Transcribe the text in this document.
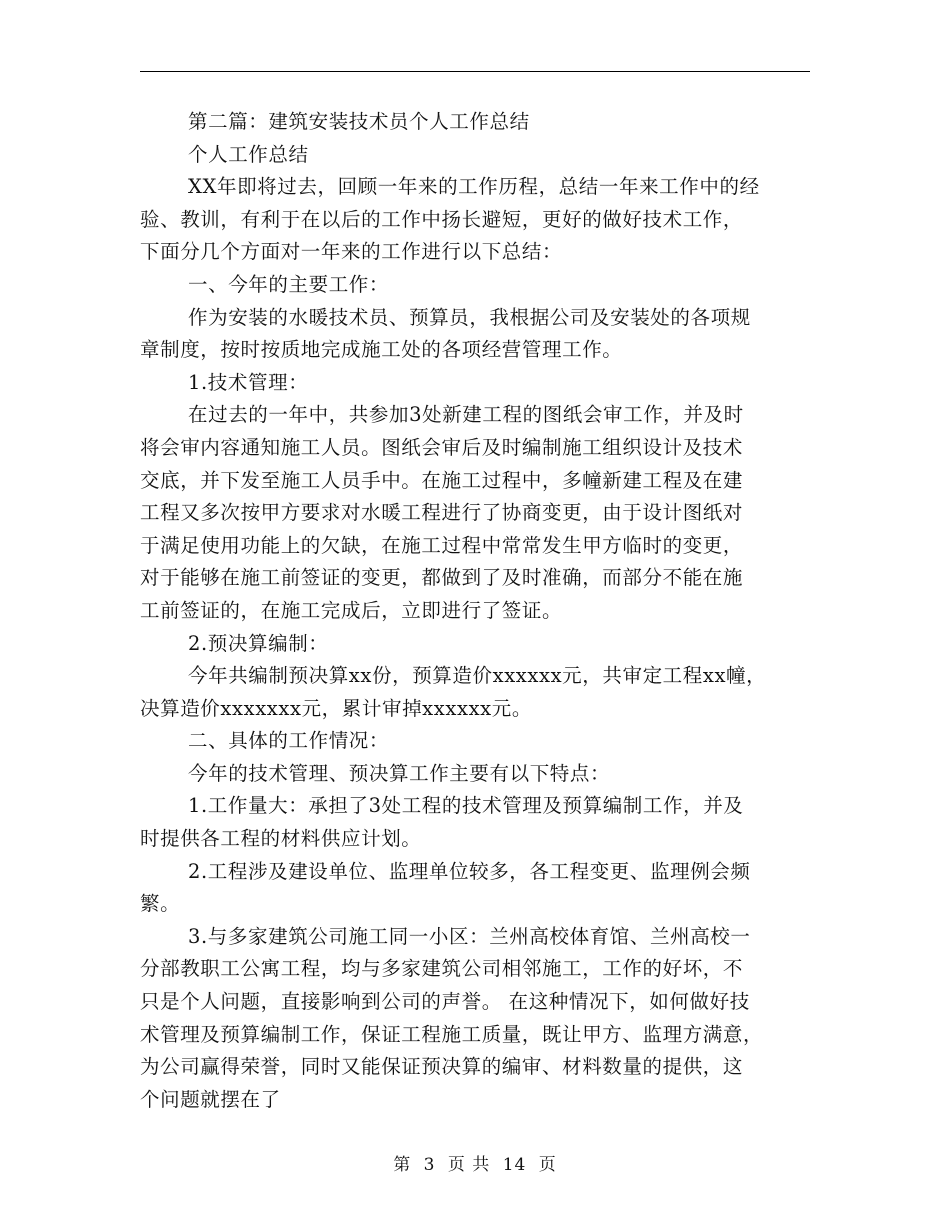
第二篇：建筑安装技术员个人工作总结
个人工作总结
XX年即将过去，回顾一年来的工作历程，总结一年来工作中的经
验、教训，有利于在以后的工作中扬长避短，更好的做好技术工作，
下面分几个方面对一年来的工作进行以下总结：
一、今年的主要工作：
作为安装的水暖技术员、预算员，我根据公司及安装处的各项规
章制度，按时按质地完成施工处的各项经营管理工作。
1.技术管理：
在过去的一年中，共参加3处新建工程的图纸会审工作，并及时
将会审内容通知施工人员。图纸会审后及时编制施工组织设计及技术
交底，并下发至施工人员手中。在施工过程中，多幢新建工程及在建
工程又多次按甲方要求对水暖工程进行了协商变更，由于设计图纸对
于满足使用功能上的欠缺，在施工过程中常常发生甲方临时的变更，
对于能够在施工前签证的变更，都做到了及时准确，而部分不能在施
工前签证的，在施工完成后，立即进行了签证。
2.预决算编制：
今年共编制预决算xx份，预算造价xxxxxx元，共审定工程xx幢，
决算造价xxxxxxx元，累计审掉xxxxxx元。
二、具体的工作情况：
今年的技术管理、预决算工作主要有以下特点：
1.工作量大：承担了3处工程的技术管理及预算编制工作，并及
时提供各工程的材料供应计划。
2.工程涉及建设单位、监理单位较多，各工程变更、监理例会频
繁。
3.与多家建筑公司施工同一小区：兰州高校体育馆、兰州高校一
分部教职工公寓工程，均与多家建筑公司相邻施工，工作的好坏，不
只是个人问题，直接影响到公司的声誉。 在这种情况下，如何做好技
术管理及预算编制工作，保证工程施工质量，既让甲方、监理方满意，
为公司赢得荣誉，同时又能保证预决算的编审、材料数量的提供，这
个问题就摆在了
第 3 页 共 14 页
